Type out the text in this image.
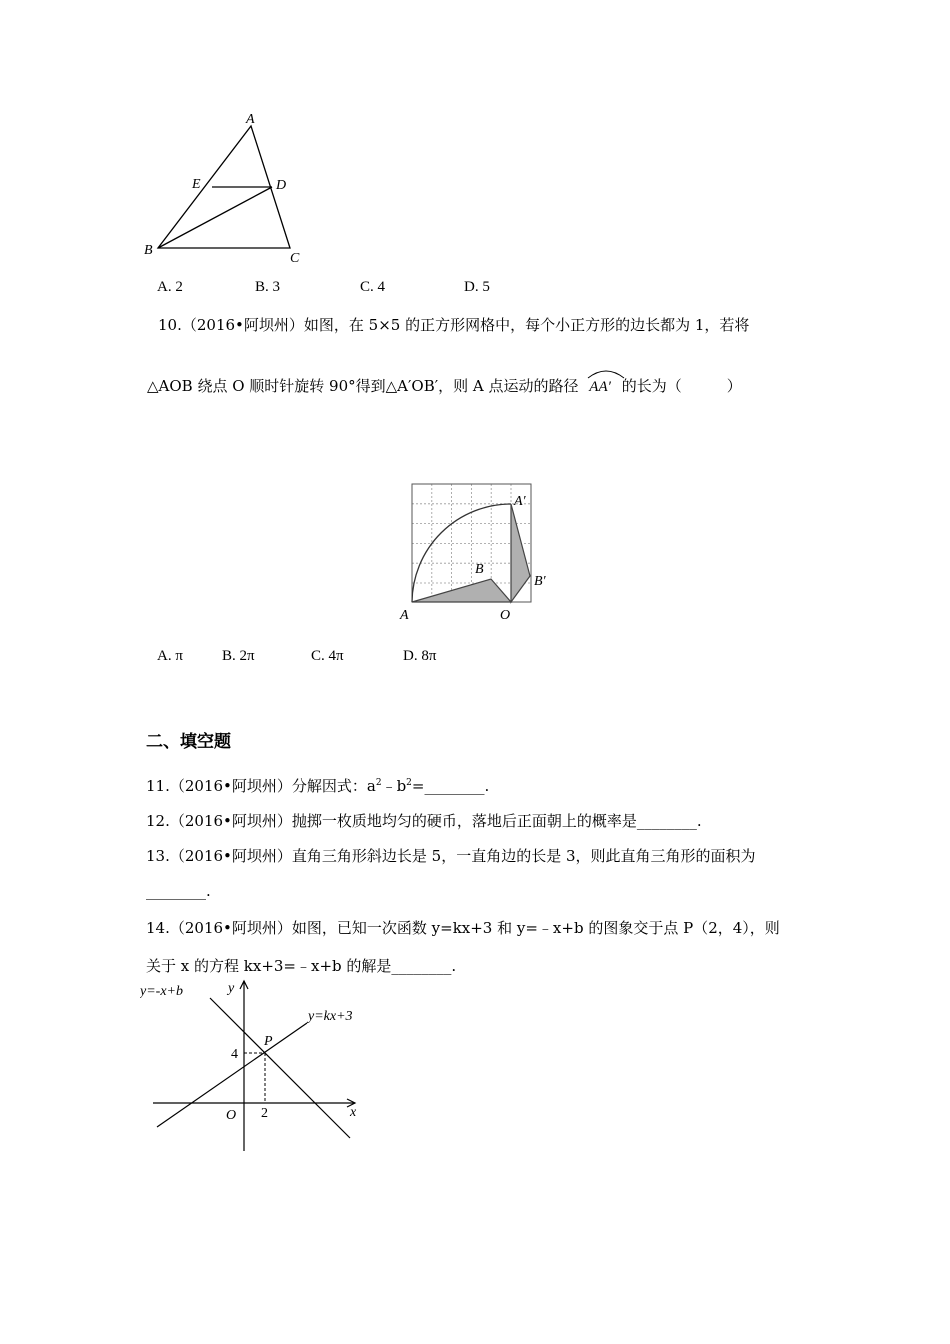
A
E	D
B
C
A. 2	B. 3	C. 4	D. 5
10.（2016•阿坝州）如图，在 5×5 的正方形网格中，每个小正方形的边长都为 1，若将
△AOB 绕点 O 顺时针旋转 90°得到△A′OB′，则 A 点运动的路径 AA′ 的长为（　　　）
A	O
B
A′
B′
A. π	B. 2π	C. 4π	D. 8π
二、填空题
11.（2016•阿坝州）分解因式：$a^2﹣b^2=\_\_\_\_\_\_\_\_$.
12.（2016•阿坝州）抛掷一枚质地均匀的硬币，落地后正面朝上的概率是________.
13.（2016•阿坝州）直角三角形斜边长是 5，一直角边的长是 3，则此直角三角形的面积为
________.
14.（2016•阿坝州）如图，已知一次函数 y=kx+3 和 y=﹣x+b 的图象交于点 P（2，4），则
关于 x 的方程 kx+3=﹣x+b 的解是________.
y=-x+b
y=kx+3
y
x
P
4
2
O
